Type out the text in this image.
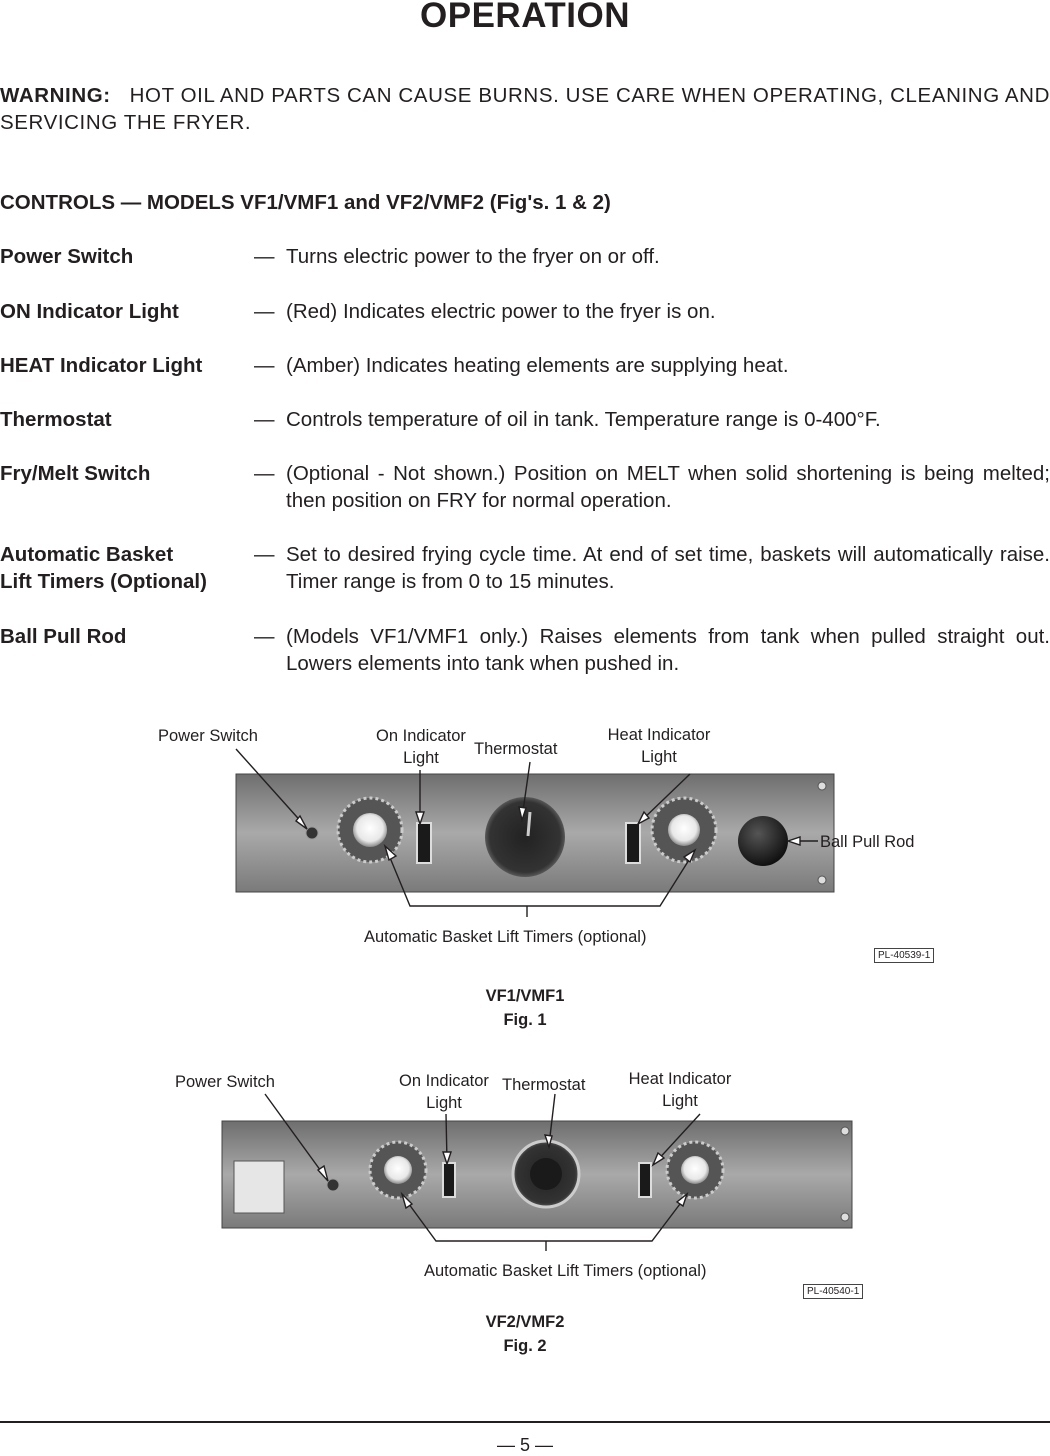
OPERATION
WARNING: HOT OIL AND PARTS CAN CAUSE BURNS. USE CARE WHEN OPERATING, CLEANING AND SERVICING THE FRYER.
CONTROLS — MODELS VF1/VMF1 and VF2/VMF2 (Fig's. 1 & 2)
Power Switch	— Turns electric power to the fryer on or off.
ON Indicator Light	— (Red) Indicates electric power to the fryer is on.
HEAT Indicator Light	— (Amber) Indicates heating elements are supplying heat.
Thermostat	— Controls temperature of oil in tank. Temperature range is 0-400°F.
Fry/Melt Switch	— (Optional - Not shown.) Position on MELT when solid shortening is being melted; then position on FRY for normal operation.
Automatic Basket
Lift Timers (Optional)
— Set to desired frying cycle time. At end of set time, baskets will automatically raise. Timer range is from 0 to 15 minutes.
Ball Pull Rod	— (Models VF1/VMF1 only.) Raises elements from tank when pulled straight out. Lowers elements into tank when pushed in.
Power Switch	On Indicator
Light	Thermostat
Heat Indicator
Light
Ball Pull Rod
Automatic Basket Lift Timers (optional)
PL-40539-1
VF1/VMF1
Fig. 1
Power Switch	On Indicator
Light
Thermostat	Heat Indicator
Light
Automatic Basket Lift Timers (optional)
PL-40540-1
VF2/VMF2
Fig. 2
— 5 —
